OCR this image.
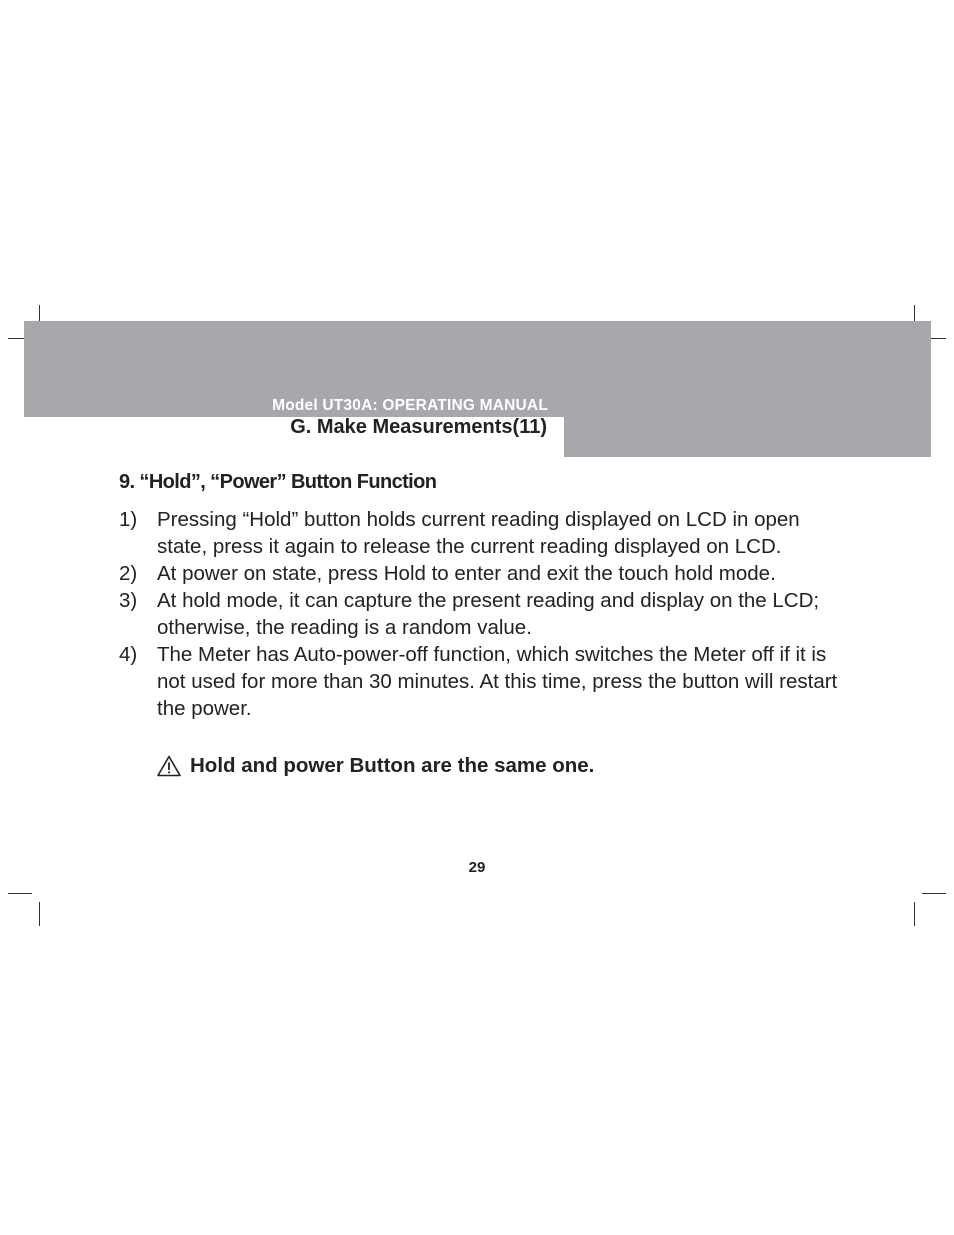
Model UT30A: OPERATING MANUAL
G. Make Measurements(11)
9. “Hold”, “Power” Button Function
1) Pressing “Hold” button holds current reading displayed on LCD in open state, press it again to release the current reading displayed on LCD.
2) At power on state, press Hold to enter and exit the touch hold mode.
3) At hold mode, it can capture the present reading and display on the LCD; otherwise, the reading is a random value.
4) The Meter has Auto-power-off function, which switches the Meter off if it is not used for more than 30 minutes. At this time, press the button will restart the power.
Hold and power Button are the same one.
29
